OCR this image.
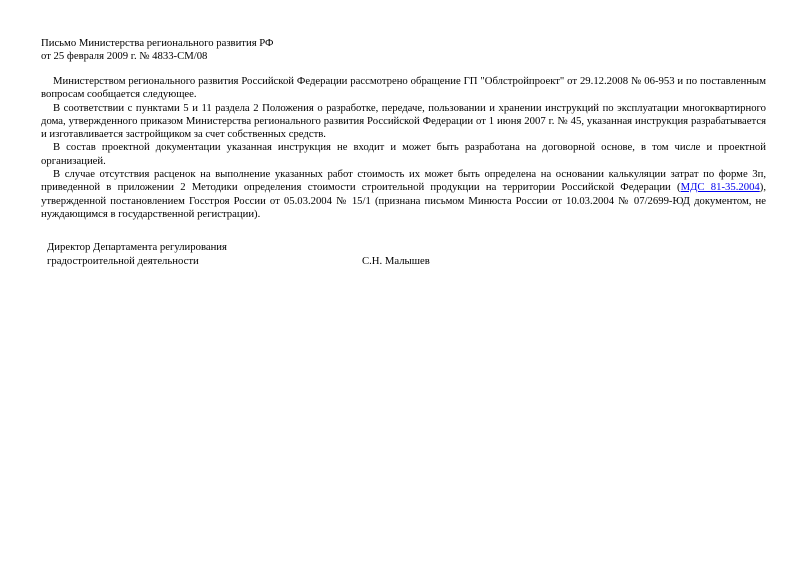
Письмо Министерства регионального развития РФ
от 25 февраля 2009 г. № 4833-СМ/08

Министерством регионального развития Российской Федерации рассмотрено обращение ГП "Облстройпроект" от 29.12.2008 № 06-953 и по поставленным вопросам сообщается следующее.

В соответствии с пунктами 5 и 11 раздела 2 Положения о разработке, передаче, пользовании и хранении инструкций по эксплуатации многоквартирного дома, утвержденного приказом Министерства регионального развития Российской Федерации от 1 июня 2007 г. № 45, указанная инструкция разрабатывается и изготавливается застройщиком за счет собственных средств.

В состав проектной документации указанная инструкция не входит и может быть разработана на договорной основе, в том числе и проектной организацией.

В случае отсутствия расценок на выполнение указанных работ стоимость их может быть определена на основании калькуляции затрат по форме 3п, приведенной в приложении 2 Методики определения стоимости строительной продукции на территории Российской Федерации (МДС 81-35.2004), утвержденной постановлением Госстроя России от 05.03.2004 № 15/1 (признана письмом Минюста России от 10.03.2004 № 07/2699-ЮД документом, не нуждающимся в государственной регистрации).

Директор Департамента регулирования
градостроительной деятельности	С.Н. Малышев
